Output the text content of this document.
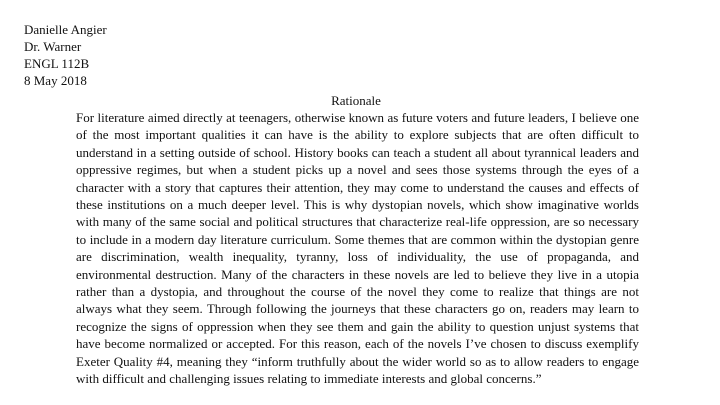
Danielle Angier
Dr. Warner
ENGL 112B
8 May 2018
Rationale

For literature aimed directly at teenagers, otherwise known as future voters and future leaders, I believe one of the most important qualities it can have is the ability to explore subjects that are often difficult to understand in a setting outside of school. History books can teach a student all about tyrannical leaders and oppressive regimes, but when a student picks up a novel and sees those systems through the eyes of a character with a story that captures their attention, they may come to understand the causes and effects of these institutions on a much deeper level. This is why dystopian novels, which show imaginative worlds with many of the same social and political structures that characterize real-life oppression, are so necessary to include in a modern day literature curriculum. Some themes that are common within the dystopian genre are discrimination, wealth inequality, tyranny, loss of individuality, the use of propaganda, and environmental destruction. Many of the characters in these novels are led to believe they live in a utopia rather than a dystopia, and throughout the course of the novel they come to realize that things are not always what they seem. Through following the journeys that these characters go on, readers may learn to recognize the signs of oppression when they see them and gain the ability to question unjust systems that have become normalized or accepted. For this reason, each of the novels I’ve chosen to discuss exemplify Exeter Quality #4, meaning they “inform truthfully about the wider world so as to allow readers to engage with difficult and challenging issues relating to immediate interests and global concerns.”
